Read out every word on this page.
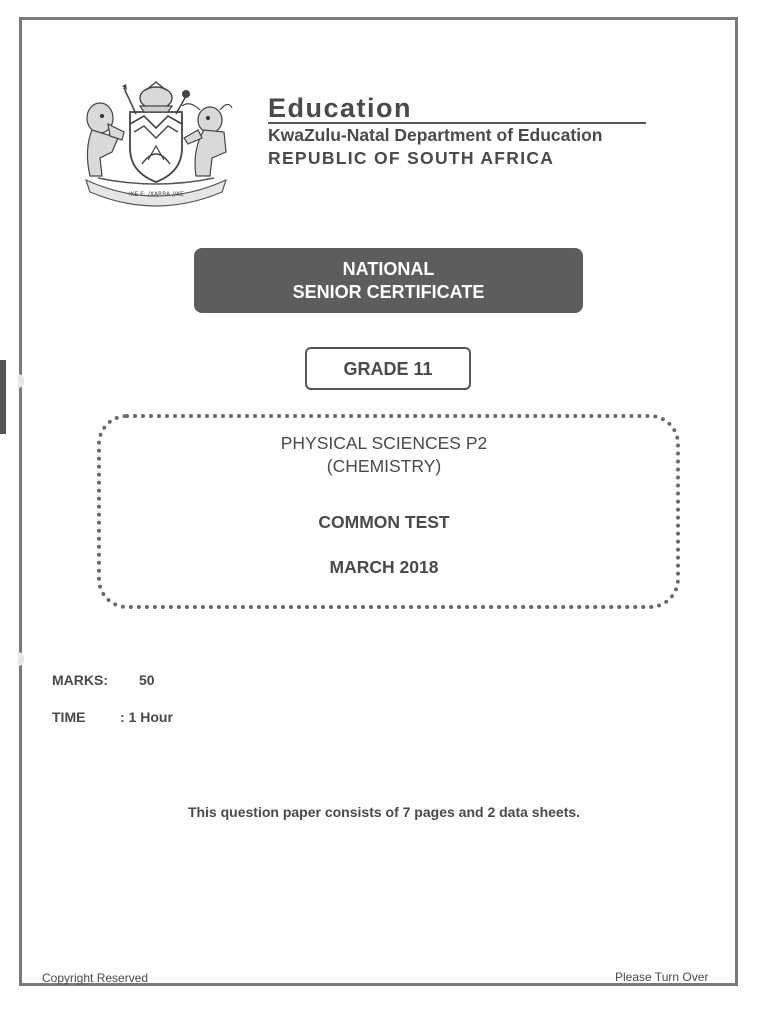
!KE E: /XARRA //KE
Education
KwaZulu-Natal Department of Education
REPUBLIC OF SOUTH AFRICA
NATIONAL
SENIOR CERTIFICATE
GRADE 11
PHYSICAL SCIENCES P2
(CHEMISTRY)
COMMON TEST
MARCH 2018
MARKS: 50
TIME : 1 Hour
This question paper consists of 7 pages and 2 data sheets.
Copyright Reserved	Please Turn Over
